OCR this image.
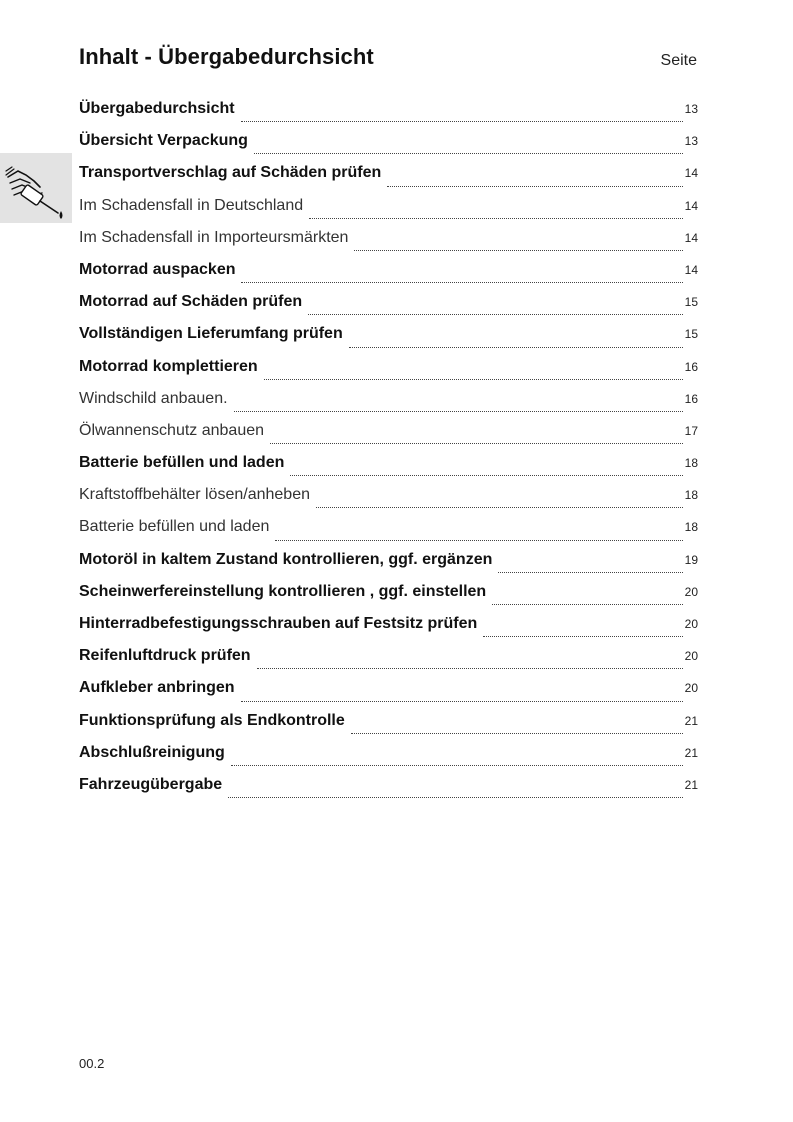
Inhalt - Übergabedurchsicht	Seite
Übergabedurchsicht	13
Übersicht Verpackung	13
Transportverschlag auf Schäden prüfen	14
Im Schadensfall in Deutschland	14
Im Schadensfall in Importeursmärkten	14
Motorrad auspacken	14
Motorrad auf Schäden prüfen	15
Vollständigen Lieferumfang prüfen	15
Motorrad komplettieren	16
Windschild anbauen.	16
Ölwannenschutz anbauen	17
Batterie befüllen und laden	18
Kraftstoffbehälter lösen/anheben	18
Batterie befüllen und laden	18
Motoröl in kaltem Zustand kontrollieren, ggf. ergänzen	19
Scheinwerfereinstellung kontrollieren , ggf. einstellen	20
Hinterradbefestigungsschrauben auf Festsitz prüfen	20
Reifenluftdruck prüfen	20
Aufkleber anbringen	20
Funktionsprüfung als Endkontrolle	21
Abschlußreinigung	21
Fahrzeugübergabe	21
00.2
